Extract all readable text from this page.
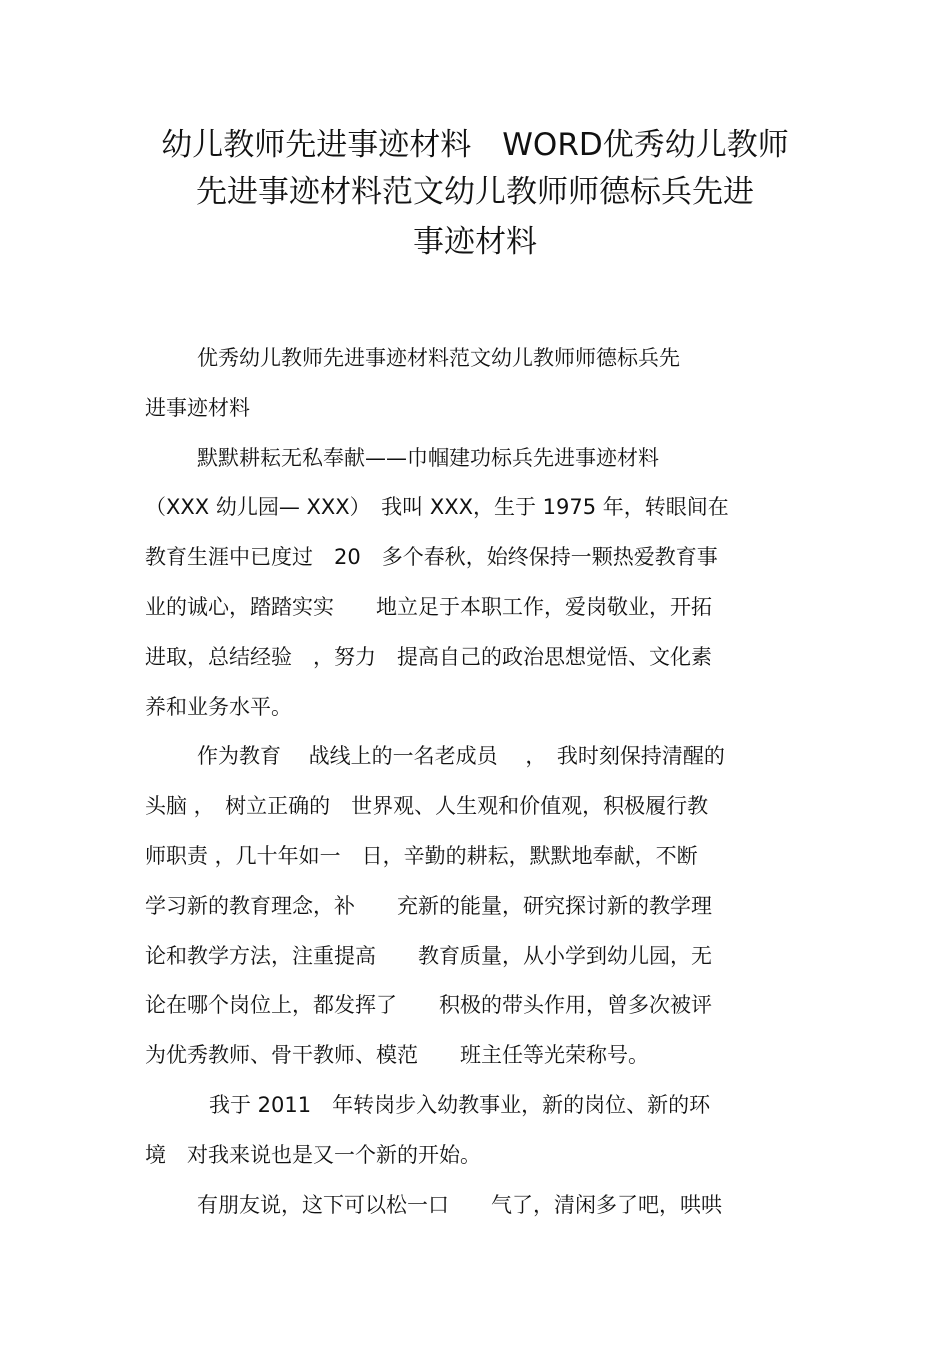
幼儿教师先进事迹材料　WORD优秀幼儿教师
先进事迹材料范文幼儿教师师德标兵先进
事迹材料
优秀幼儿教师先进事迹材料范文幼儿教师师德标兵先
进事迹材料
默默耕耘无私奉献——巾帼建功标兵先进事迹材料
（XXX 幼儿园— XXX）　我叫 XXX，生于 1975 年，转眼间在
教育生涯中已度过　20　多个春秋，始终保持一颗热爱教育事
业的诚心，踏踏实实　　地立足于本职工作，爱岗敬业，开拓
进取，总结经验　，努力　提高自己的政治思想觉悟、文化素
养和业务水平。
作为教育　 战线上的一名老成员　 ，　我时刻保持清醒的
头脑 ，　树立正确的　世界观、人生观和价值观，积极履行教
师职责 ，几十年如一　日，辛勤的耕耘，默默地奉献，不断
学习新的教育理念，补　　充新的能量，研究探讨新的教学理
论和教学方法，注重提高　　教育质量，从小学到幼儿园，无
论在哪个岗位上，都发挥了　　积极的带头作用，曾多次被评
为优秀教师、骨干教师、模范　　班主任等光荣称号。
我于 2011　年转岗步入幼教事业，新的岗位、新的环
境　对我来说也是又一个新的开始。
有朋友说，这下可以松一口　　气了，清闲多了吧，哄哄
